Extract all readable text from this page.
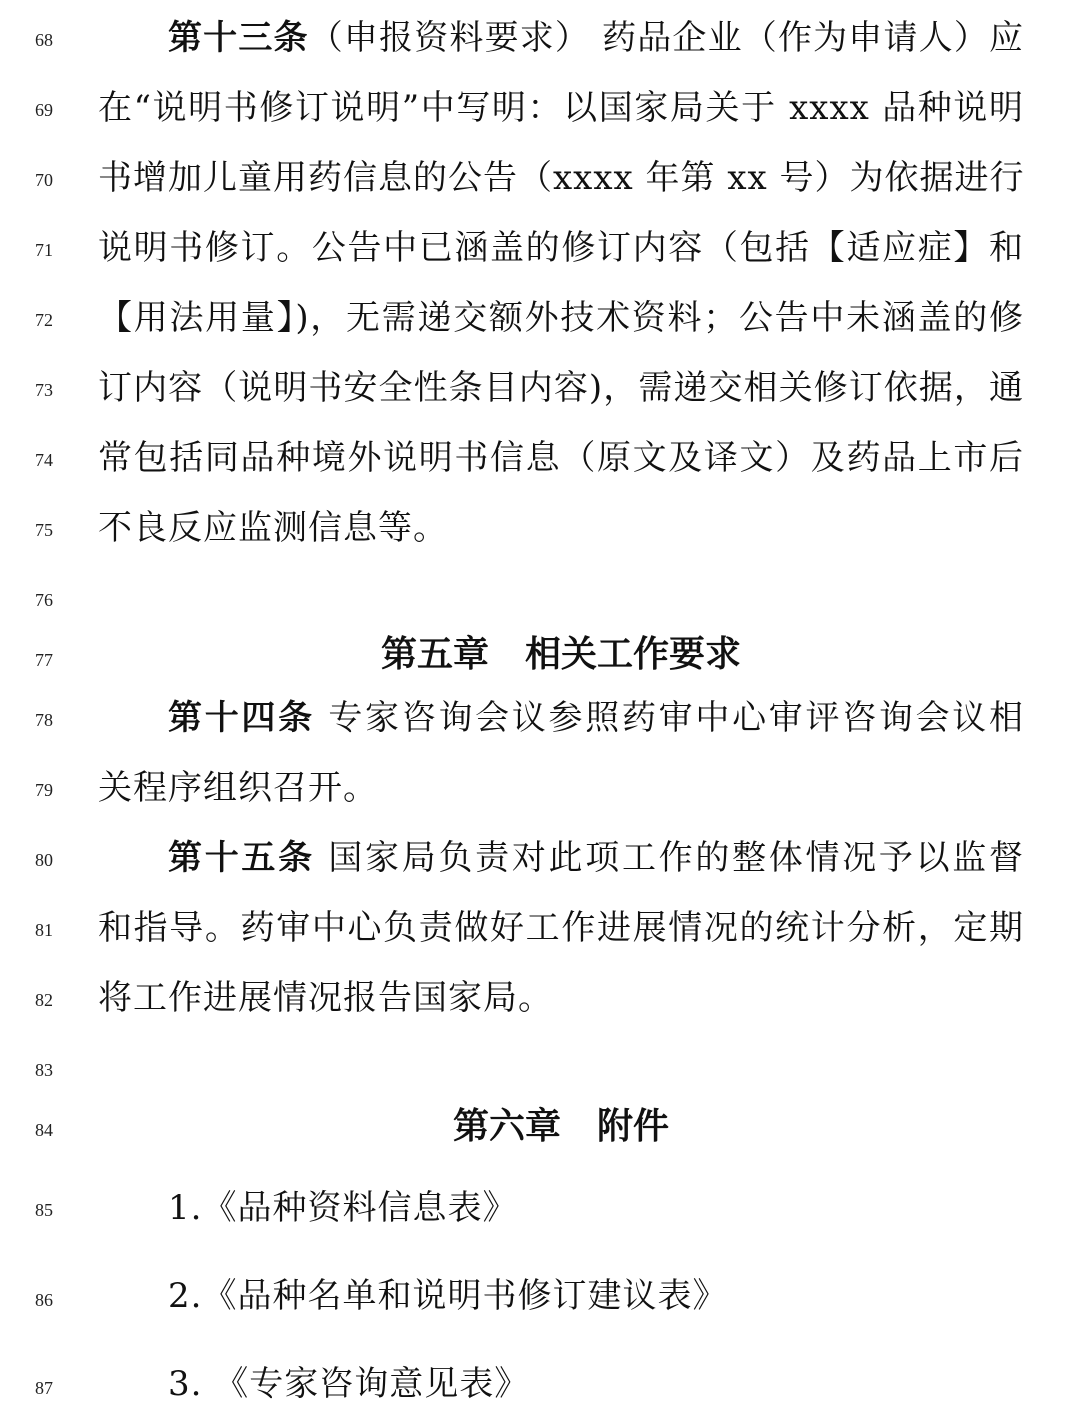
68
69
70
71
72
73
74
75
76
77
78
79
80
81
82
83
84
85
86
87
第十三条（申报资料要求） 药品企业（作为申请人）应
在“说明书修订说明”中写明：以国家局关于 xxxx 品种说明
书增加儿童用药信息的公告（xxxx 年第 xx 号）为依据进行
说明书修订。公告中已涵盖的修订内容（包括【适应症】和
【用法用量】)，无需递交额外技术资料；公告中未涵盖的修
订内容（说明书安全性条目内容)，需递交相关修订依据，通
常包括同品种境外说明书信息（原文及译文）及药品上市后
不良反应监测信息等。
第五章　相关工作要求
第十四条 专家咨询会议参照药审中心审评咨询会议相
关程序组织召开。
第十五条 国家局负责对此项工作的整体情况予以监督
和指导。药审中心负责做好工作进展情况的统计分析，定期
将工作进展情况报告国家局。
第六章　附件
1.《品种资料信息表》
2.《品种名单和说明书修订建议表》
3. 《专家咨询意见表》
